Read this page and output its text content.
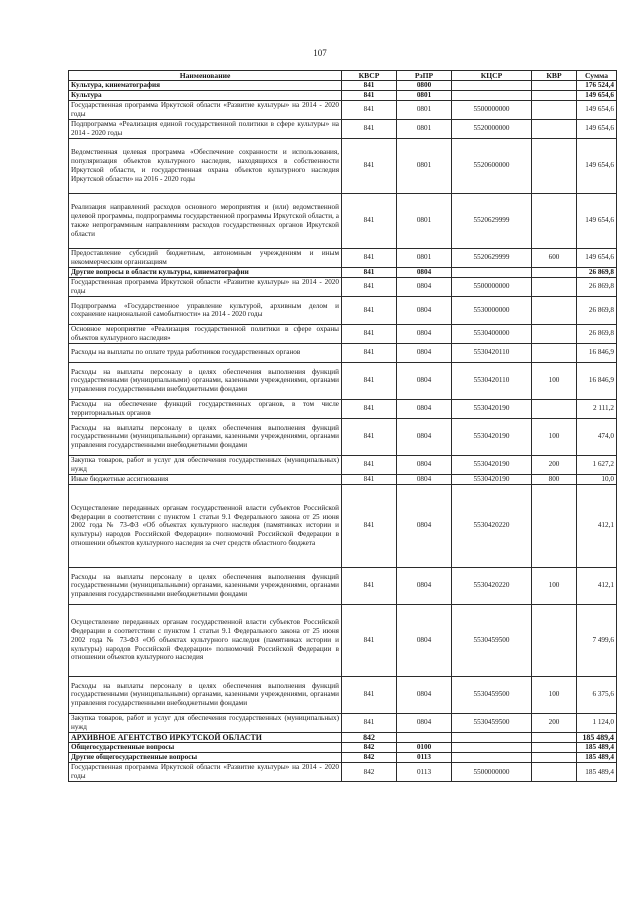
107
Наименование	КВСР	РзПР	КЦСР	КВР	Сумма
Культура, кинематография	841	0800			176 524,4
Культура	841	0801			149 654,6
Государственная программа Иркутской области «Развитие культуры» на 2014 - 2020 годы	841	0801	5500000000		149 654,6
Подпрограмма «Реализация единой государственной политики в сфере культуры» на 2014 - 2020 годы	841	0801	5520000000		149 654,6
Ведомственная целевая программа «Обеспечение сохранности и использования, популяризация объектов культурного наследия, находящихся в собственности Иркутской области, и государственная охрана объектов культурного наследия Иркутской области» на 2016 - 2020 годы	841	0801	5520600000		149 654,6
Реализация направлений расходов основного мероприятия и (или) ведомственной целевой программы, подпрограммы государственной программы Иркутской области, а также непрограммным направлениям расходов государственных органов Иркутской области	841	0801	5520629999		149 654,6
Предоставление субсидий бюджетным, автономным учреждениям и иным некоммерческим организациям	841	0801	5520629999	600	149 654,6
Другие вопросы в области культуры, кинематографии	841	0804			26 869,8
Государственная программа Иркутской области «Развитие культуры» на 2014 - 2020 годы	841	0804	5500000000		26 869,8
Подпрограмма «Государственное управление культурой, архивным делом и сохранение национальной самобытности» на 2014 - 2020 годы	841	0804	5530000000		26 869,8
Основное мероприятие «Реализация государственной политики в сфере охраны объектов культурного наследия»	841	0804	5530400000		26 869,8
Расходы на выплаты по оплате труда работников государственных органов	841	0804	5530420110		16 846,9
Расходы на выплаты персоналу в целях обеспечения выполнения функций государственными (муниципальными) органами, казенными учреждениями, органами управления государственными внебюджетными фондами	841	0804	5530420110	100	16 846,9
Расходы на обеспечение функций государственных органов, в том числе территориальных органов	841	0804	5530420190		2 111,2
Расходы на выплаты персоналу в целях обеспечения выполнения функций государственными (муниципальными) органами, казенными учреждениями, органами управления государственными внебюджетными фондами	841	0804	5530420190	100	474,0
Закупка товаров, работ и услуг для обеспечения государственных (муниципальных) нужд	841	0804	5530420190	200	1 627,2
Иные бюджетные ассигнования	841	0804	5530420190	800	10,0
Осуществление переданных органам государственной власти субъектов Российской Федерации в соответствии с пунктом 1 статьи 9.1 Федерального закона от 25 июня 2002 года № 73-ФЗ «Об объектах культурного наследия (памятниках истории и культуры) народов Российской Федерации» полномочий Российской Федерации в отношении объектов культурного наследия за счет средств областного бюджета	841	0804	5530420220		412,1
Расходы на выплаты персоналу в целях обеспечения выполнения функций государственными (муниципальными) органами, казенными учреждениями, органами управления государственными внебюджетными фондами	841	0804	5530420220	100	412,1
Осуществление переданных органам государственной власти субъектов Российской Федерации в соответствии с пунктом 1 статьи 9.1 Федерального закона от 25 июня 2002 года № 73-ФЗ «Об объектах культурного наследия (памятниках истории и культуры) народов Российской Федерации» полномочий Российской Федерации в отношении объектов культурного наследия	841	0804	5530459500		7 499,6
Расходы на выплаты персоналу в целях обеспечения выполнения функций государственными (муниципальными) органами, казенными учреждениями, органами управления государственными внебюджетными фондами	841	0804	5530459500	100	6 375,6
Закупка товаров, работ и услуг для обеспечения государственных (муниципальных) нужд	841	0804	5530459500	200	1 124,0
АРХИВНОЕ АГЕНТСТВО ИРКУТСКОЙ ОБЛАСТИ	842				185 489,4
Общегосударственные вопросы	842	0100			185 489,4
Другие общегосударственные вопросы	842	0113			185 489,4
Государственная программа Иркутской области «Развитие культуры» на 2014 - 2020 годы	842	0113	5500000000		185 489,4
